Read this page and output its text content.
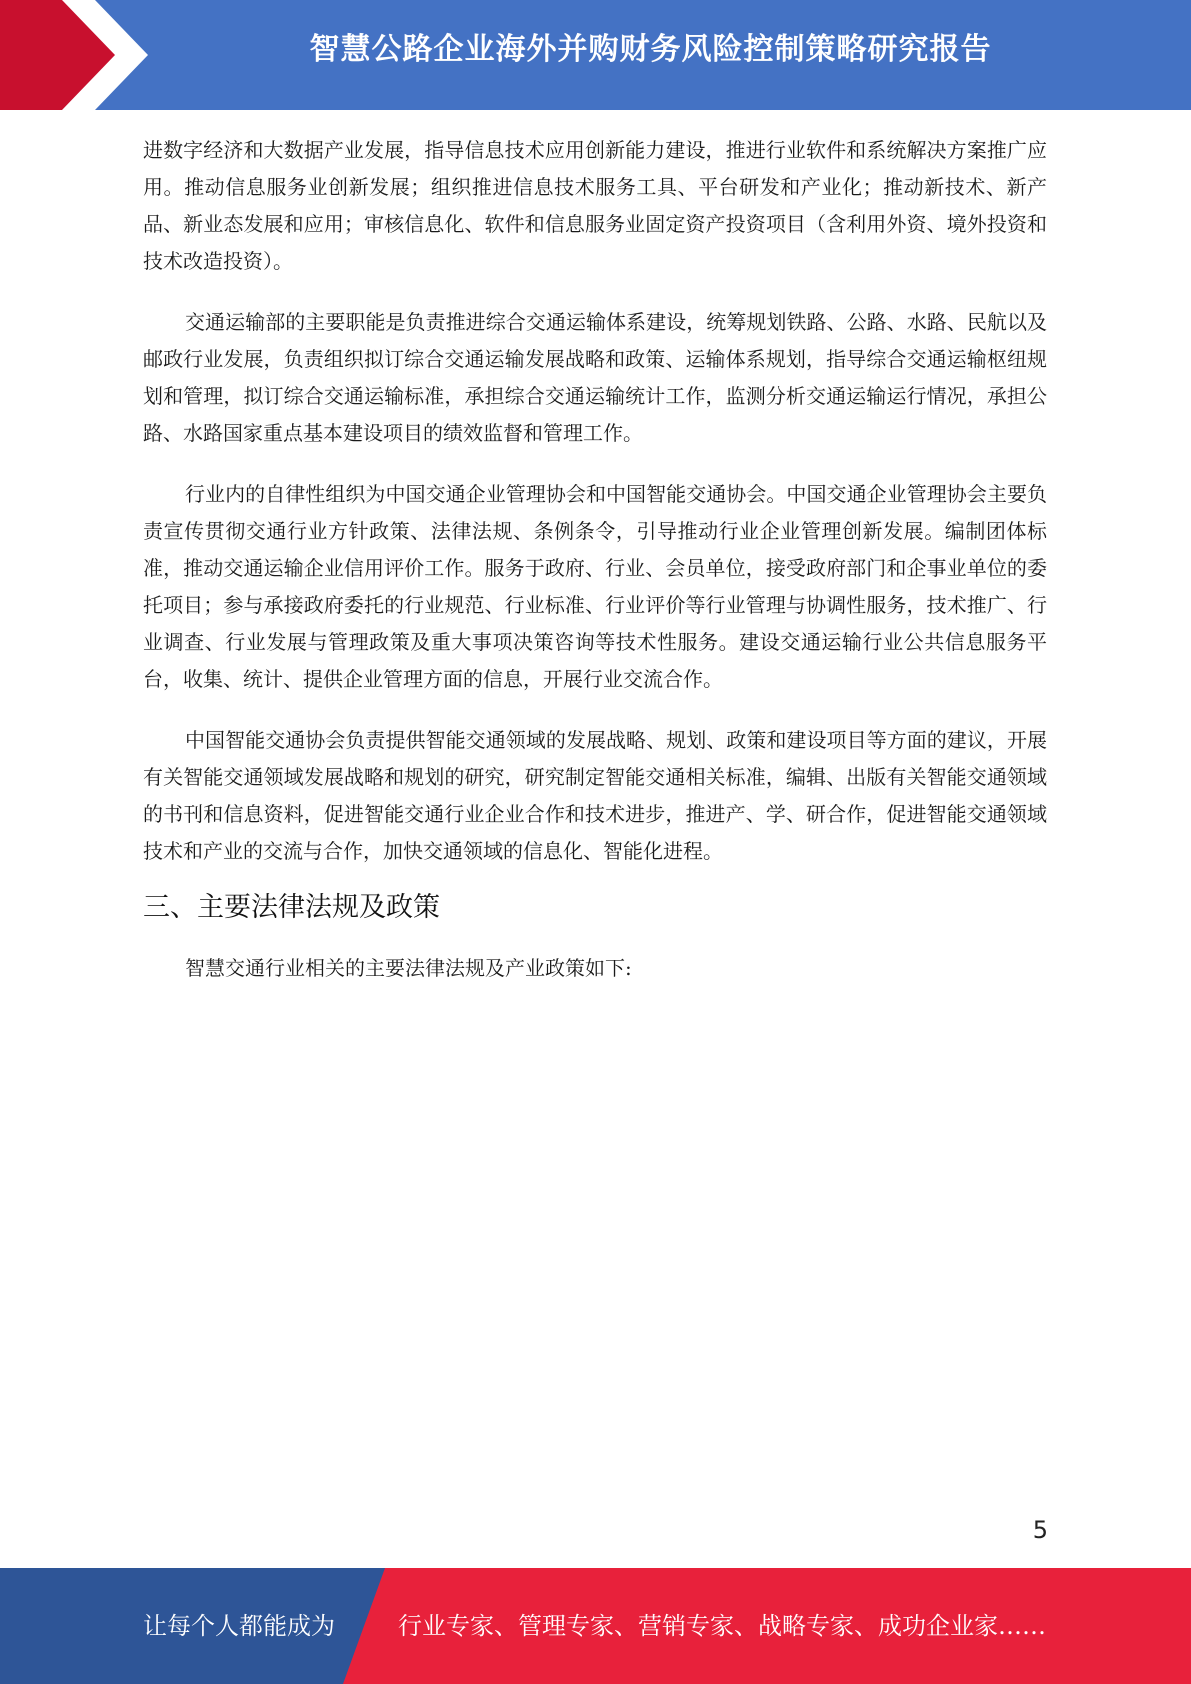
智慧公路企业海外并购财务风险控制策略研究报告

进数字经济和大数据产业发展，指导信息技术应用创新能力建设，推进行业软件和系统解决方案推广应用。推动信息服务业创新发展；组织推进信息技术服务工具、平台研发和产业化；推动新技术、新产品、新业态发展和应用；审核信息化、软件和信息服务业固定资产投资项目（含利用外资、境外投资和技术改造投资）。

交通运输部的主要职能是负责推进综合交通运输体系建设，统筹规划铁路、公路、水路、民航以及邮政行业发展，负责组织拟订综合交通运输发展战略和政策、运输体系规划，指导综合交通运输枢纽规划和管理，拟订综合交通运输标准，承担综合交通运输统计工作，监测分析交通运输运行情况，承担公路、水路国家重点基本建设项目的绩效监督和管理工作。

行业内的自律性组织为中国交通企业管理协会和中国智能交通协会。中国交通企业管理协会主要负责宣传贯彻交通行业方针政策、法律法规、条例条令，引导推动行业企业管理创新发展。编制团体标准，推动交通运输企业信用评价工作。服务于政府、行业、会员单位，接受政府部门和企事业单位的委托项目；参与承接政府委托的行业规范、行业标准、行业评价等行业管理与协调性服务，技术推广、行业调查、行业发展与管理政策及重大事项决策咨询等技术性服务。建设交通运输行业公共信息服务平台，收集、统计、提供企业管理方面的信息，开展行业交流合作。

中国智能交通协会负责提供智能交通领域的发展战略、规划、政策和建设项目等方面的建议，开展有关智能交通领域发展战略和规划的研究，研究制定智能交通相关标准，编辑、出版有关智能交通领域的书刊和信息资料，促进智能交通行业企业合作和技术进步，推进产、学、研合作，促进智能交通领域技术和产业的交流与合作，加快交通领域的信息化、智能化进程。

三、主要法律法规及政策

智慧交通行业相关的主要法律法规及产业政策如下:

5
让每个人都能成为	行业专家、管理专家、营销专家、战略专家、成功企业家……
